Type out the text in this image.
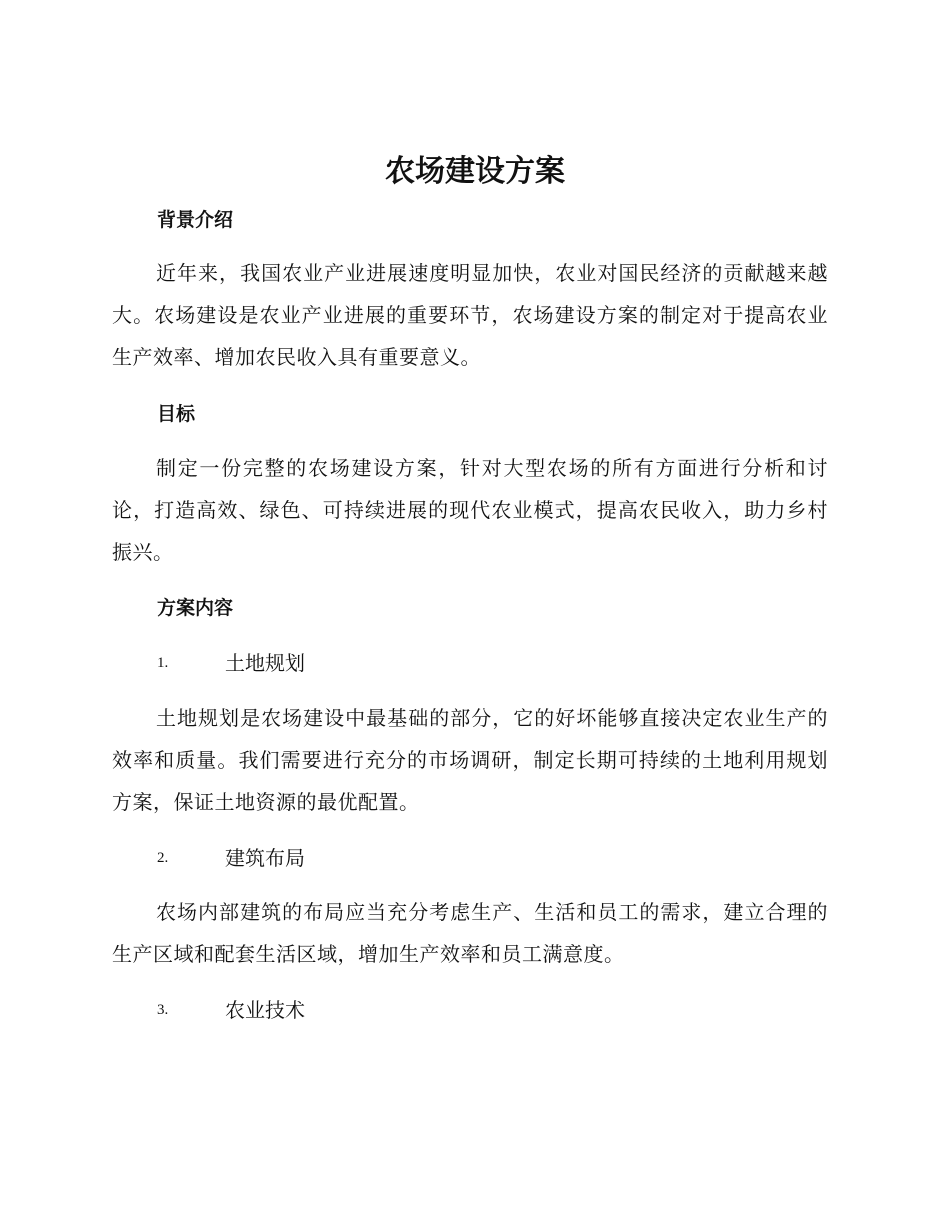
农场建设方案
背景介绍

近年来，我国农业产业进展速度明显加快，农业对国民经济的贡献越来越大。农场建设是农业产业进展的重要环节，农场建设方案的制定对于提高农业生产效率、增加农民收入具有重要意义。

目标

制定一份完整的农场建设方案，针对大型农场的所有方面进行分析和讨论，打造高效、绿色、可持续进展的现代农业模式，提高农民收入，助力乡村振兴。

方案内容
1.	土地规划

土地规划是农场建设中最基础的部分，它的好坏能够直接决定农业生产的效率和质量。我们需要进行充分的市场调研，制定长期可持续的土地利用规划方案，保证土地资源的最优配置。

2.	建筑布局

农场内部建筑的布局应当充分考虑生产、生活和员工的需求，建立合理的生产区域和配套生活区域，增加生产效率和员工满意度。

3.	农业技术
